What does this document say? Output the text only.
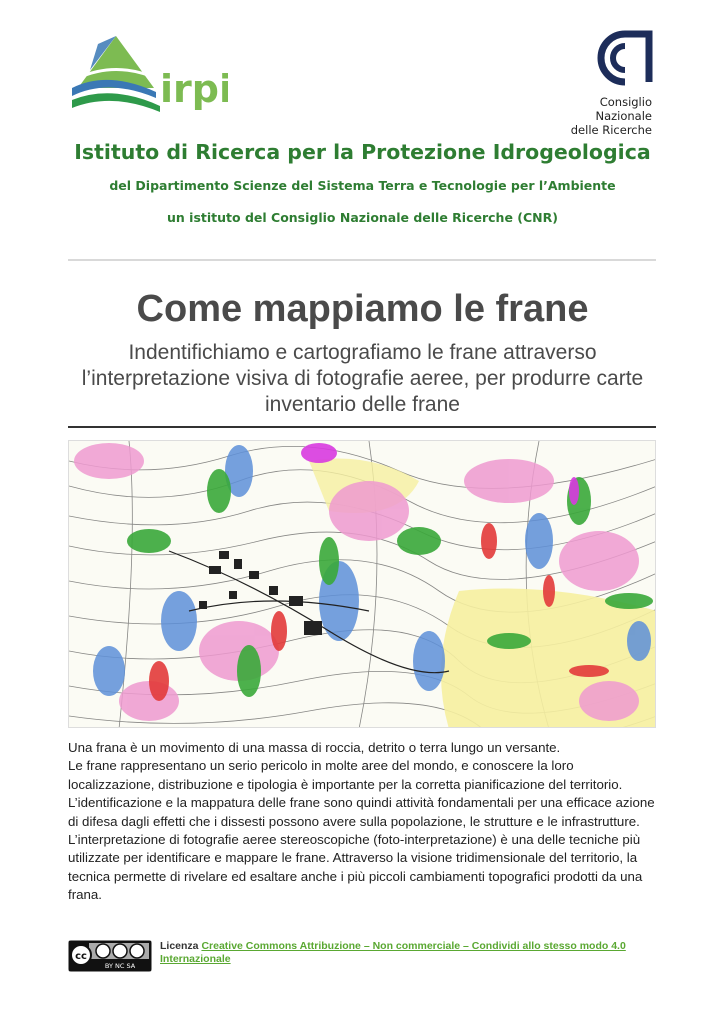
irpi	Consiglio Nazionale
delle Ricerche
Istituto di Ricerca per la Protezione Idrogeologica
del Dipartimento Scienze del Sistema Terra e Tecnologie per l’Ambiente
un istituto del Consiglio Nazionale delle Ricerche (CNR)
Come mappiamo le frane
Indentifichiamo e cartografiamo le frane attraverso l’interpretazione visiva di fotografie aeree, per produrre carte inventario delle frane

Una frana è un movimento di una massa di roccia, detrito o terra lungo un versante.

Le frane rappresentano un serio pericolo in molte aree del mondo, e conoscere la loro localizzazione, distribuzione e tipologia è importante per la corretta pianificazione del territorio. L’identificazione e la mappatura delle frane sono quindi attività fondamentali per una efficace azione di difesa dagli effetti che i dissesti possono avere sulla popolazione, le strutture e le infrastrutture.

L’interpretazione di fotografie aeree stereoscopiche (foto-interpretazione) è una delle tecniche più utilizzate per identificare e mappare le frane. Attraverso la visione tridimensionale del territorio, la tecnica permette di rivelare ed esaltare anche i più piccoli cambiamenti topografici prodotti da una frana.

cc
BY NC SA
Licenza Creative Commons Attribuzione – Non commerciale – Condividi allo stesso modo 4.0 Internazionale
